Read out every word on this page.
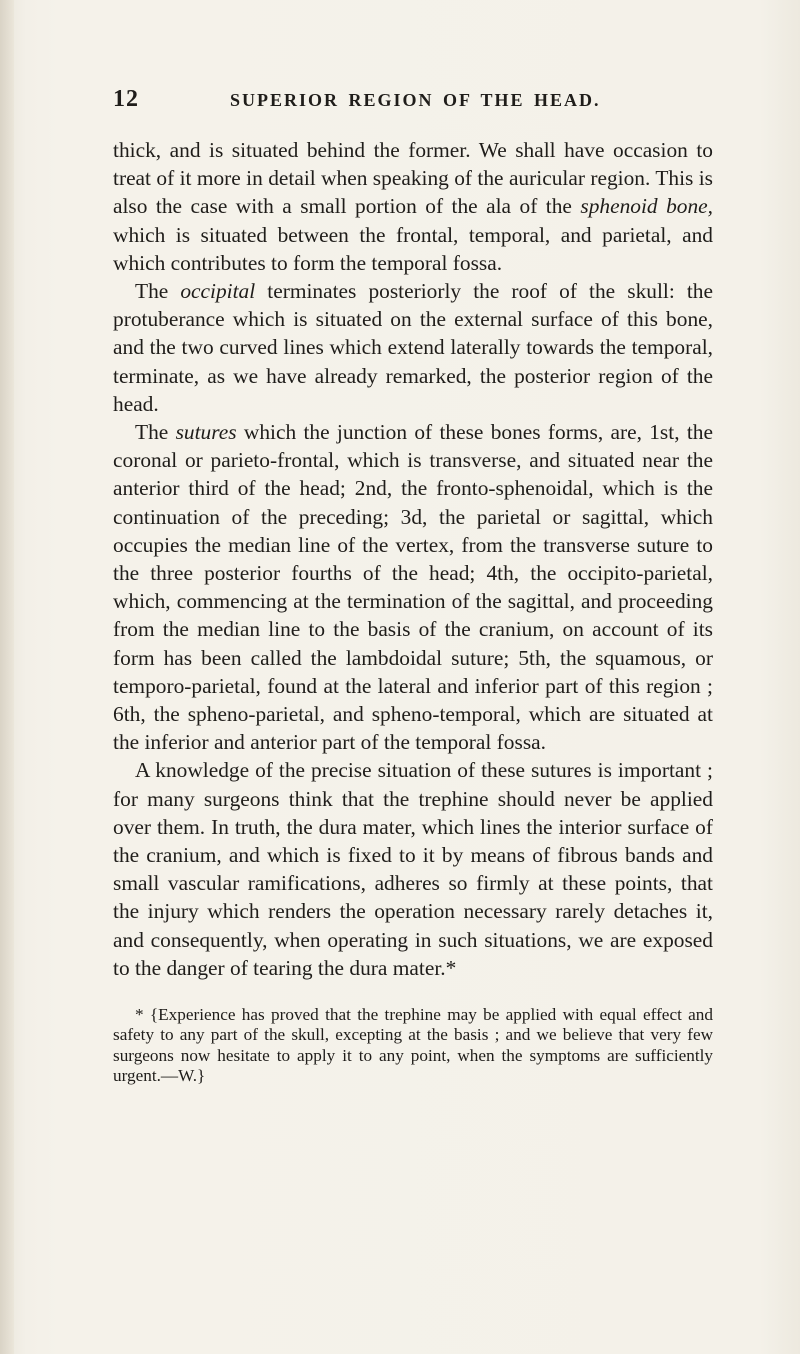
12	SUPERIOR REGION OF THE HEAD.

thick, and is situated behind the former. We shall have occasion to treat of it more in detail when speaking of the auricular region. This is also the case with a small portion of the ala of the sphenoid bone, which is situated between the frontal, temporal, and parietal, and which contributes to form the temporal fossa.

The occipital terminates posteriorly the roof of the skull: the protuberance which is situated on the external surface of this bone, and the two curved lines which extend laterally towards the temporal, terminate, as we have already remarked, the posterior region of the head.

The sutures which the junction of these bones forms, are, 1st, the coronal or parieto-frontal, which is transverse, and situated near the anterior third of the head; 2nd, the fronto-sphenoidal, which is the continuation of the preceding; 3d, the parietal or sagittal, which occupies the median line of the vertex, from the transverse suture to the three posterior fourths of the head; 4th, the occipito-parietal, which, commencing at the termination of the sagittal, and proceeding from the median line to the basis of the cranium, on account of its form has been called the lambdoidal suture; 5th, the squamous, or temporo-parietal, found at the lateral and inferior part of this region ; 6th, the spheno-parietal, and spheno-temporal, which are situated at the inferior and anterior part of the temporal fossa.

A knowledge of the precise situation of these sutures is important ; for many surgeons think that the trephine should never be applied over them. In truth, the dura mater, which lines the interior surface of the cranium, and which is fixed to it by means of fibrous bands and small vascular ramifications, adheres so firmly at these points, that the injury which renders the operation necessary rarely detaches it, and consequently, when operating in such situations, we are exposed to the danger of tearing the dura mater.*

* {Experience has proved that the trephine may be applied with equal effect and safety to any part of the skull, excepting at the basis ; and we believe that very few surgeons now hesitate to apply it to any point, when the symptoms are sufficiently urgent.—W.}
